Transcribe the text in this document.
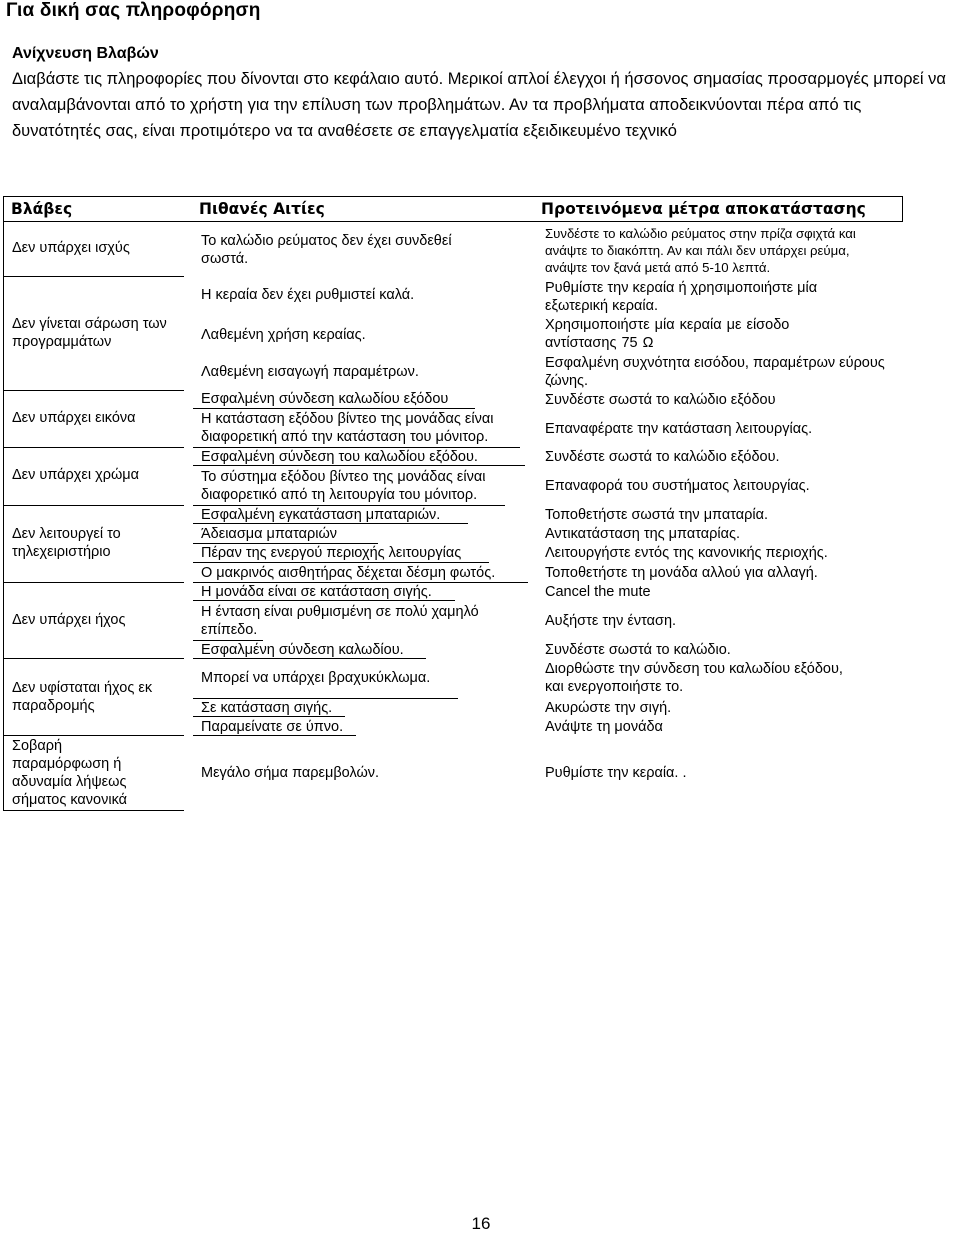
Για δική σας πληροφόρηση
Ανίχνευση Βλαβών
Διαβάστε τις πληροφορίες που δίνονται στο κεφάλαιο αυτό. Μερικοί απλοί έλεγχοι ή ήσσονος σημασίας προσαρμογές μπορεί να αναλαμβάνονται από το χρήστη για την επίλυση των προβλημάτων. Αν τα προβλήματα αποδεικνύονται πέρα από τις δυνατότητές σας, είναι προτιμότερο να τα αναθέσετε σε επαγγελματία εξειδικευμένο τεχνικό
Βλάβες	Πιθανές Αιτίες	Προτεινόμενα μέτρα αποκατάστασης
Δεν υπάρχει ισχύς
Δεν γίνεται σάρωση των προγραμμάτων
Δεν υπάρχει εικόνα
Δεν υπάρχει χρώμα
Δεν λειτουργεί το τηλεχειριστήριο
Δεν υπάρχει ήχος
Δεν υφίσταται ήχος εκ παραδρομής
Σοβαρή παραμόρφωση ή αδυναμία λήψεως σήματος κανονικά
Το καλώδιο ρεύματος δεν έχει συνδεθεί σωστά.
Η κεραία δεν έχει ρυθμιστεί καλά.
Λαθεμένη χρήση κεραίας.
Λαθεμένη εισαγωγή παραμέτρων.
Εσφαλμένη σύνδεση καλωδίου εξόδου
Η κατάσταση εξόδου βίντεο της μονάδας είναι διαφορετική από την κατάσταση του μόνιτορ.
Εσφαλμένη σύνδεση του καλωδίου εξόδου.
Το σύστημα εξόδου βίντεο της μονάδας είναι διαφορετικό από τη λειτουργία του μόνιτορ.
Εσφαλμένη εγκατάσταση μπαταριών.
Άδειασμα μπαταριών
Πέραν της ενεργού περιοχής λειτουργίας
Ο μακρινός αισθητήρας δέχεται δέσμη φωτός.
Η μονάδα είναι σε κατάσταση σιγής.
Η ένταση είναι ρυθμισμένη σε πολύ χαμηλό επίπεδο.
Εσφαλμένη σύνδεση καλωδίου.
Μπορεί να υπάρχει βραχυκύκλωμα.
Σε κατάσταση σιγής.
Παραμείνατε σε ύπνο.
Μεγάλο σήμα παρεμβολών.
Συνδέστε το καλώδιο ρεύματος στην πρίζα σφιχτά και ανάψτε το διακόπτη. Αν και πάλι δεν υπάρχει ρεύμα, ανάψτε τον ξανά μετά από 5-10 λεπτά.
Ρυθμίστε την κεραία ή χρησιμοποιήστε μία εξωτερική κεραία.
Χρησιμοποιήστε μία κεραία με είσοδο αντίστασης 75 Ω
Εσφαλμένη συχνότητα εισόδου, παραμέτρων εύρους ζώνης.
Συνδέστε σωστά το καλώδιο εξόδου
Επαναφέρατε την κατάσταση λειτουργίας.
Συνδέστε σωστά το καλώδιο εξόδου.
Επαναφορά του συστήματος λειτουργίας.
Τοποθετήστε σωστά την μπαταρία.
Αντικατάσταση της μπαταρίας.
Λειτουργήστε εντός της κανονικής περιοχής.
Τοποθετήστε τη μονάδα αλλού για αλλαγή.
Cancel the mute
Αυξήστε την ένταση.
Συνδέστε σωστά το καλώδιο.
Διορθώστε την σύνδεση του καλωδίου εξόδου, και ενεργοποιήστε το.
Ακυρώστε την σιγή.
Ανάψτε τη μονάδα
Ρυθμίστε την κεραία. .
16
